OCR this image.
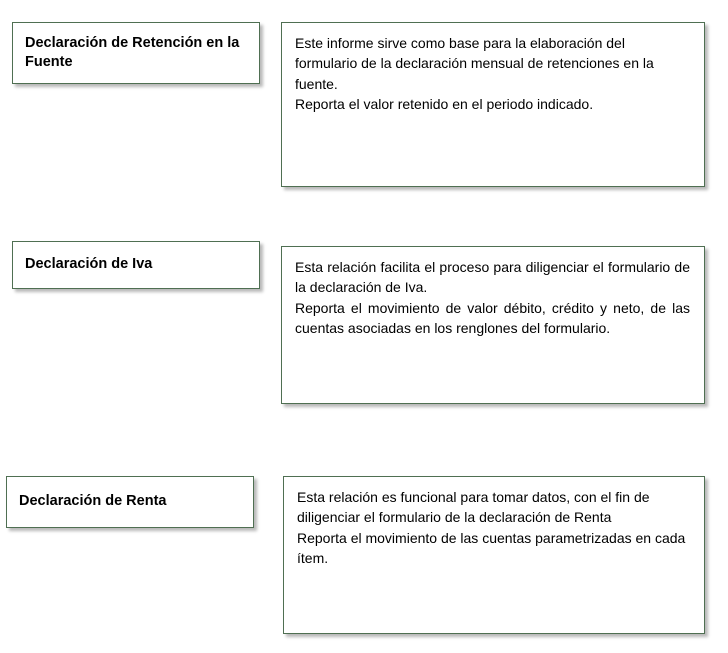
Declaración de Retención en la Fuente

Este informe sirve como base para la elaboración del formulario de la declaración mensual de retenciones en la fuente.
Reporta el valor retenido en el periodo indicado.

Declaración de Iva	Esta relación facilita el proceso para diligenciar el formulario de la declaración de Iva.
Reporta el movimiento de valor débito, crédito y neto, de las cuentas asociadas en los renglones del formulario.

Declaración de Renta	Esta relación es funcional para tomar datos, con el fin de diligenciar el formulario de la declaración de Renta
Reporta el movimiento de las cuentas parametrizadas en cada ítem.
